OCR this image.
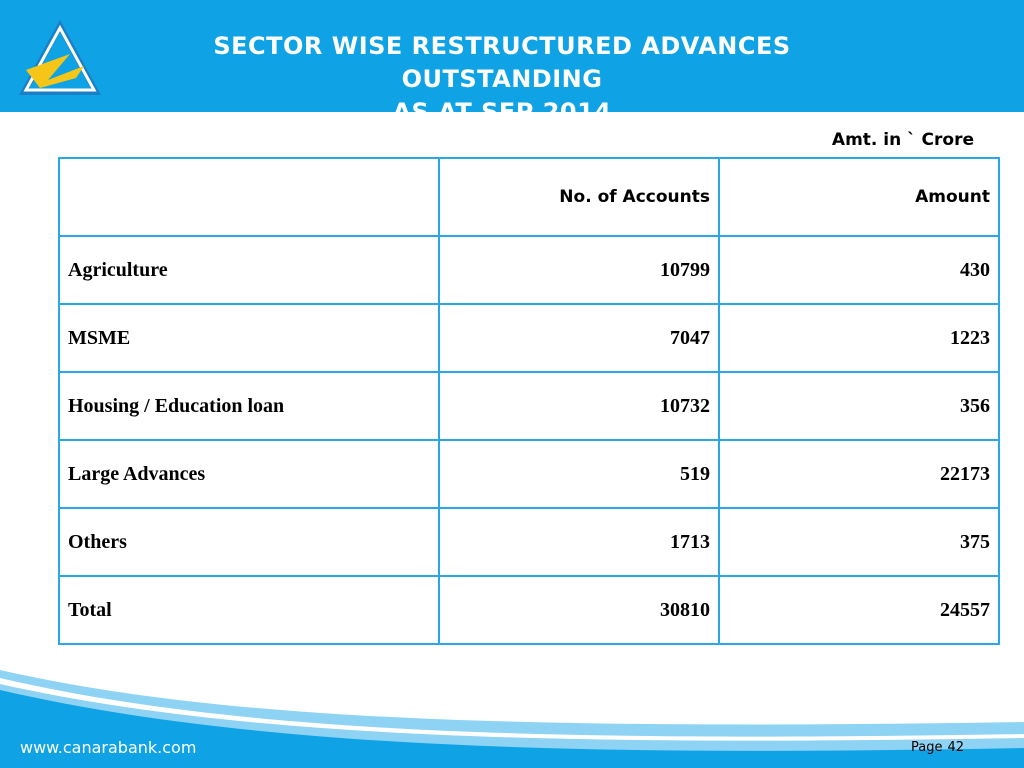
SECTOR WISE RESTRUCTURED ADVANCES OUTSTANDING
AS AT SEP 2014
Amt. in ` Crore
	No. of Accounts	Amount
Agriculture	10799	430
MSME	7047	1223
Housing / Education loan	10732	356
Large Advances	519	22173
Others	1713	375
Total	30810	24557
www.canarabank.com	Page 42
